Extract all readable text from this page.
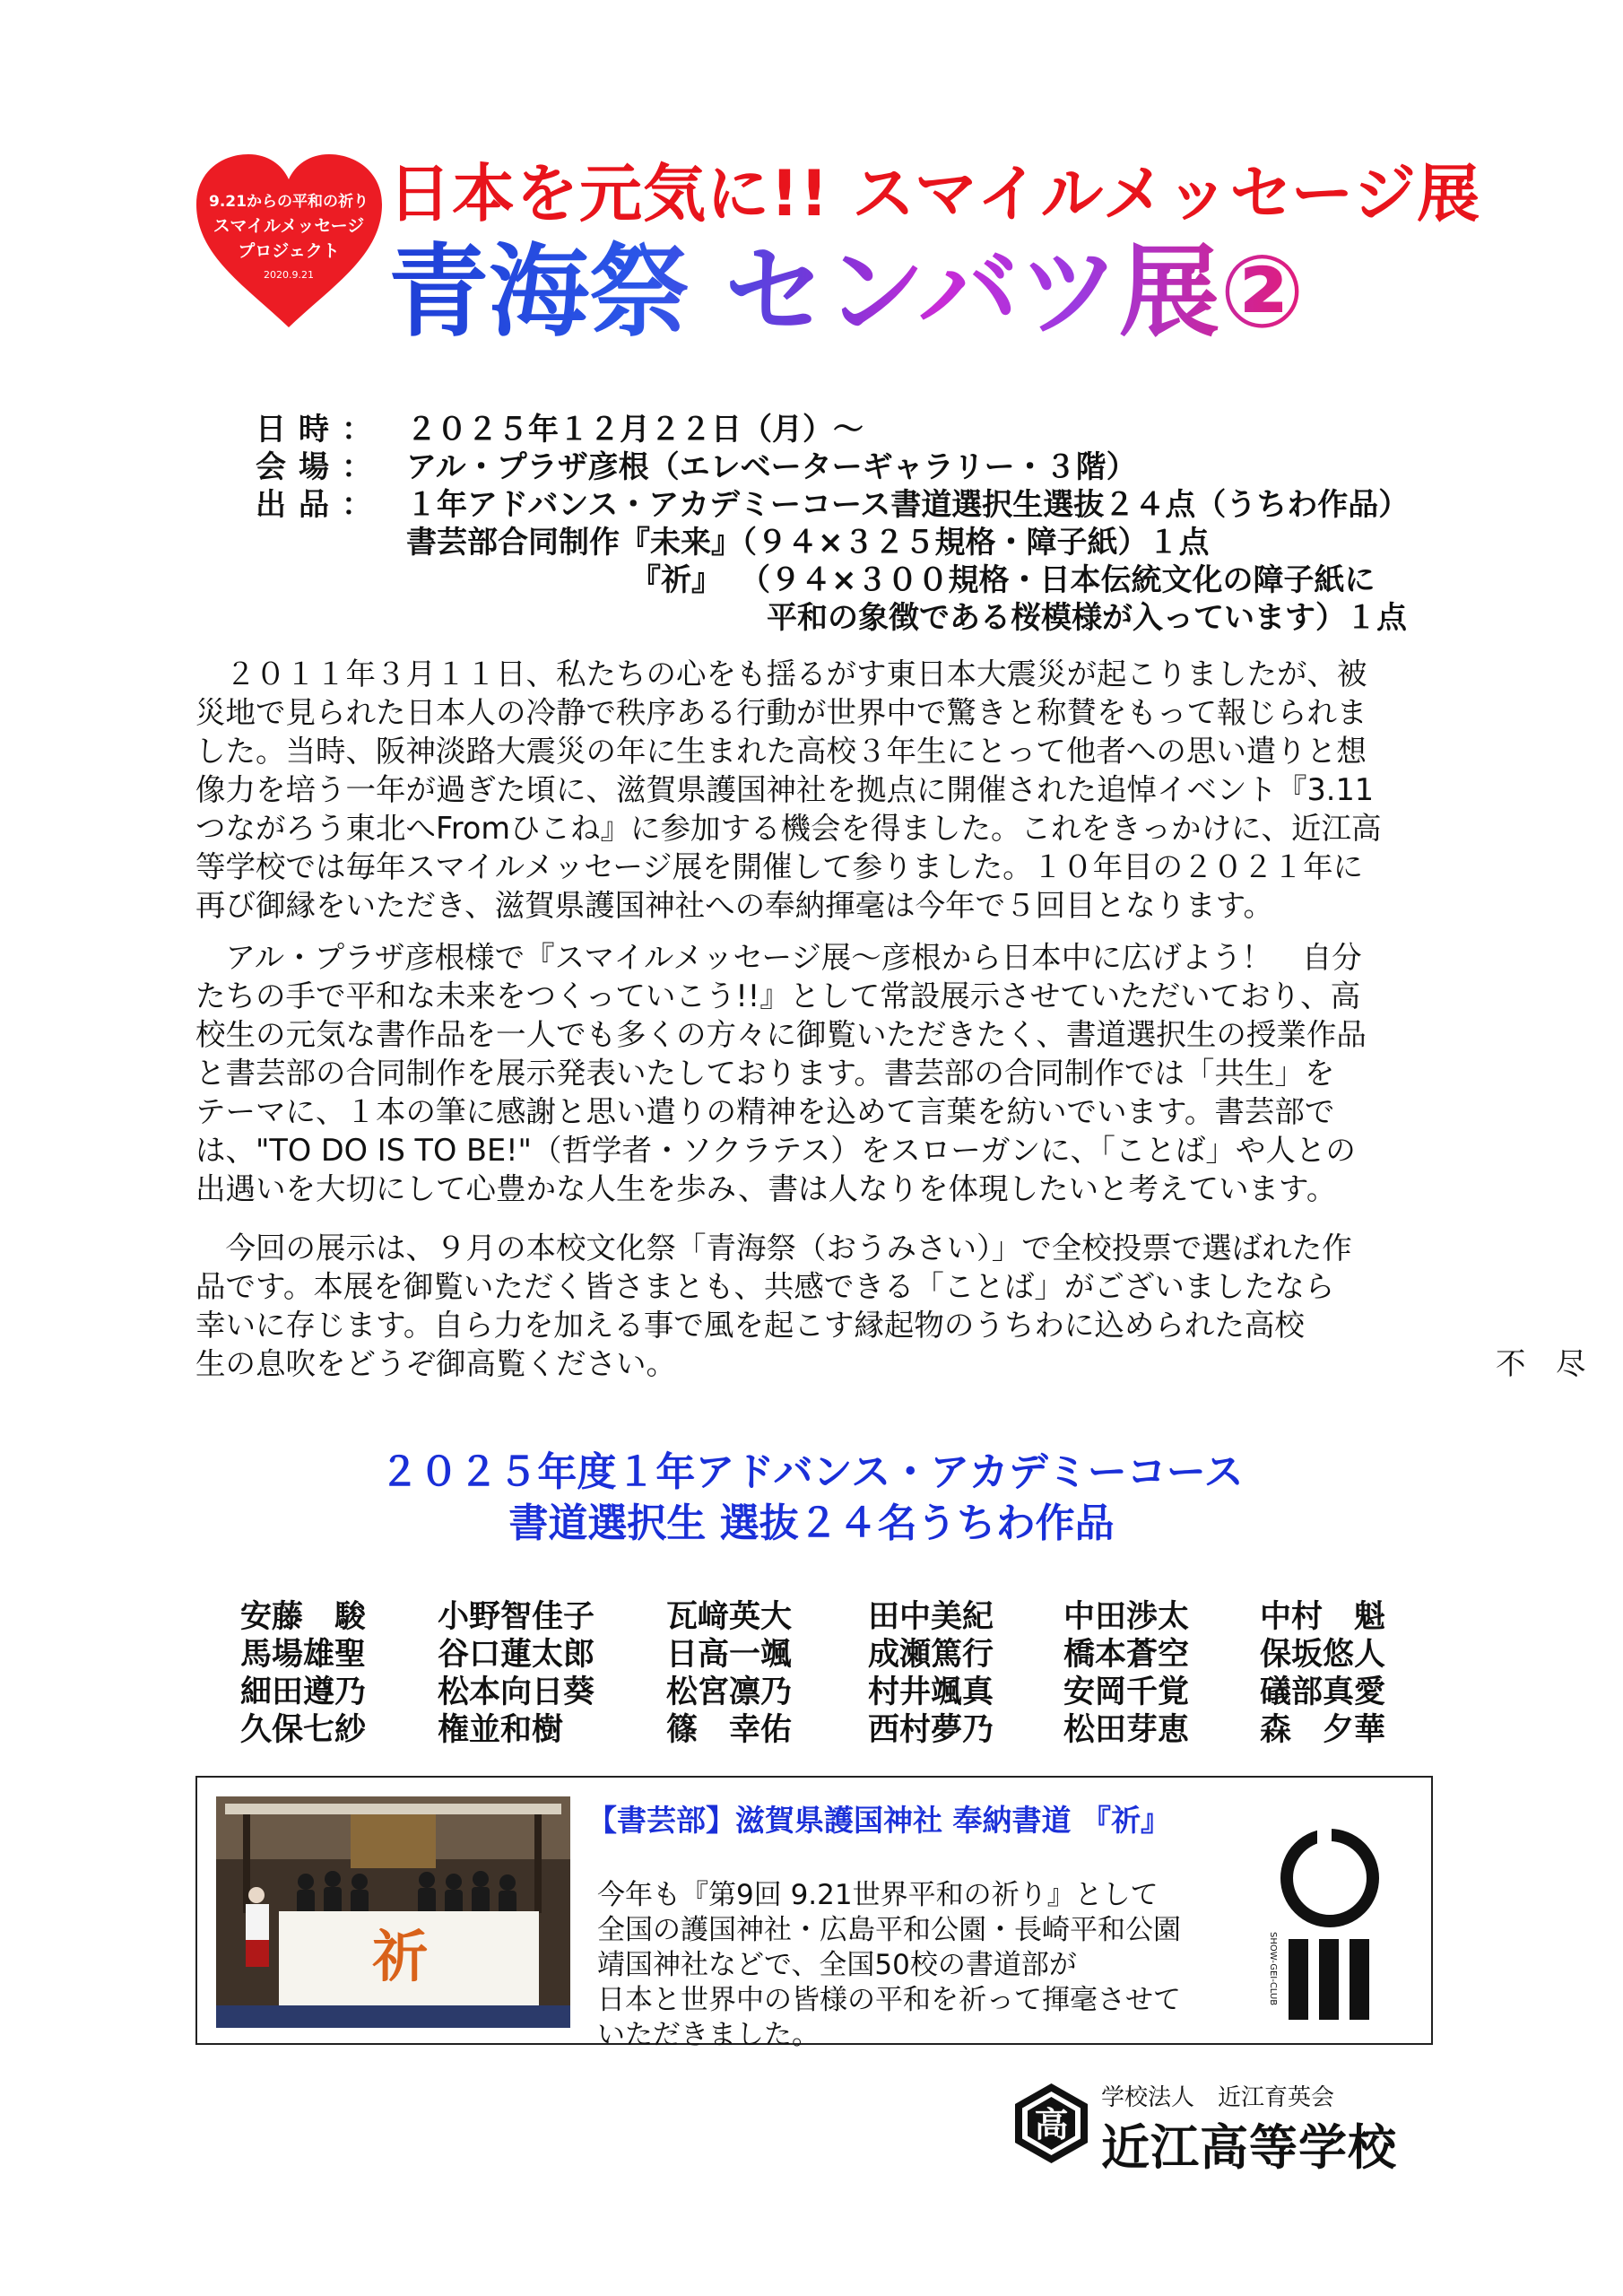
9.21からの平和の祈り
スマイルメッセージ
プロジェクト
2020.9.21
日本を元気に!! スマイルメッセージ展
青海祭 センバツ展②
日時： ２０２５年１２月２２日（月）～
会場： アル・プラザ彦根（エレベーターギャラリー・３階）
出品： １年アドバンス・アカデミーコース書道選択生選抜２４点（うちわ作品）
書芸部合同制作『未来』（９４×３２５規格・障子紙）１点
『祈』 （９４×３００規格・日本伝統文化の障子紙に
平和の象徴である桜模様が入っています）１点
　２０１１年３月１１日、私たちの心をも揺るがす東日本大震災が起こりましたが、被
災地で見られた日本人の冷静で秩序ある行動が世界中で驚きと称賛をもって報じられま
した。当時、阪神淡路大震災の年に生まれた高校３年生にとって他者への思い遣りと想
像力を培う一年が過ぎた頃に、滋賀県護国神社を拠点に開催された追悼イベント『3.11
つながろう東北へFromひこね』に参加する機会を得ました。これをきっかけに、近江高
等学校では毎年スマイルメッセージ展を開催して参りました。１０年目の２０２１年に
再び御縁をいただき、滋賀県護国神社への奉納揮毫は今年で５回目となります。
　アル・プラザ彦根様で『スマイルメッセージ展～彦根から日本中に広げよう！　自分
たちの手で平和な未来をつくっていこう!!』として常設展示させていただいており、高
校生の元気な書作品を一人でも多くの方々に御覧いただきたく、書道選択生の授業作品
と書芸部の合同制作を展示発表いたしております。書芸部の合同制作では「共生」を
テーマに、１本の筆に感謝と思い遣りの精神を込めて言葉を紡いでいます。書芸部で
は、"TO DO IS TO BE!"（哲学者・ソクラテス）をスローガンに、「ことば」や人との
出遇いを大切にして心豊かな人生を歩み、書は人なりを体現したいと考えています。
　今回の展示は、９月の本校文化祭「青海祭（おうみさい）」で全校投票で選ばれた作
品です。本展を御覧いただく皆さまとも、共感できる「ことば」がございましたなら
幸いに存じます。自ら力を加える事で風を起こす縁起物のうちわに込められた高校
生の息吹をどうぞ御高覧ください。	不　尽
２０２５年度１年アドバンス・アカデミーコース
書道選択生 選抜２４名うちわ作品
安藤　駿 小野智佳子 瓦﨑英大 田中美紀 中田渉太 中村　魁
馬場雄聖 谷口蓮太郎 日高一颯 成瀬篤行 橋本蒼空 保坂悠人
細田遵乃 松本向日葵 松宮凛乃 村井颯真 安岡千覚 礒部真愛
久保七紗 権並和樹	篠　幸佑 西村夢乃 松田芽恵 森　夕華
祈
【書芸部】滋賀県護国神社 奉納書道 『祈』
今年も『第9回 9.21世界平和の祈り』として
全国の護国神社・広島平和公園・長崎平和公園
靖国神社などで、全国50校の書道部が
日本と世界中の皆様の平和を祈って揮毫させて
いただきました。
SHOW-GEI-CLUB
高
学校法人　近江育英会
近江高等学校
